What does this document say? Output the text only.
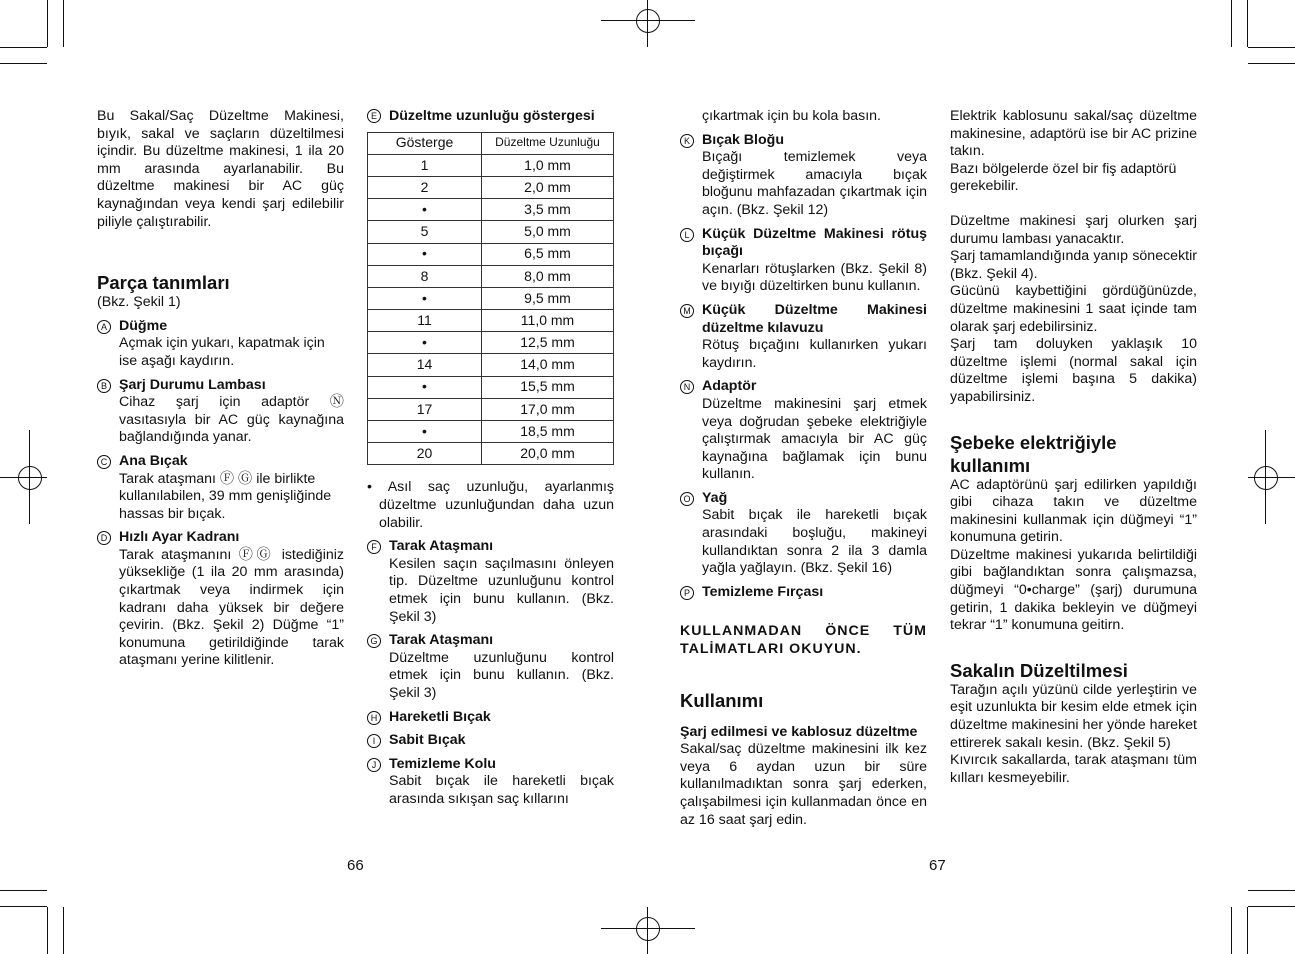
Bu Sakal/Saç Düzeltme Makinesi, bıyık, sakal ve saçların düzeltilmesi içindir. Bu düzeltme makinesi, 1 ila 20 mm arasında ayarlanabilir. Bu düzeltme makinesi bir AC güç kaynağından veya kendi şarj edilebilir piliyle çalıştırabilir.

Parça tanımları

(Bkz. Şekil 1)

A Düğme
Açmak için yukarı, kapatmak için ise aşağı kaydırın.
B Şarj Durumu Lambası
Cihaz şarj için adaptör Ⓝ vasıtasıyla bir AC güç kaynağına bağlandığında yanar.
C Ana Bıçak
Tarak ataşmanı Ⓕ Ⓖ ile birlikte kullanılabilen, 39 mm genişliğinde hassas bir bıçak.
D Hızlı Ayar Kadranı
Tarak ataşmanını ⒻⒼ istediğiniz yüksekliğe (1 ila 20 mm arasında) çıkartmak veya indirmek için kadranı daha yüksek bir değere çevirin. (Bkz. Şekil 2) Düğme “1” konumuna getirildiğinde tarak ataşmanı yerine kilitlenir.
E Düzeltme uzunluğu göstergesi
Gösterge	Düzeltme Uzunluğu
1	1,0 mm
2	2,0 mm
•	3,5 mm
5	5,0 mm
•	6,5 mm
8	8,0 mm
•	9,5 mm
11	11,0 mm
•	12,5 mm
14	14,0 mm
•	15,5 mm
17	17,0 mm
•	18,5 mm
20	20,0 mm

• Asıl saç uzunluğu, ayarlanmış düzeltme uzunluğundan daha uzun olabilir.

F Tarak Ataşmanı
Kesilen saçın saçılmasını önleyen tip. Düzeltme uzunluğunu kontrol etmek için bunu kullanın. (Bkz. Şekil 3)
G Tarak Ataşmanı
Düzeltme uzunluğunu kontrol etmek için bunu kullanın. (Bkz. Şekil 3)
H Hareketli Bıçak
I Sabit Bıçak
J Temizleme Kolu
Sabit bıçak ile hareketli bıçak arasında sıkışan saç kıllarını
66

çıkartmak için bu kola basın.

K Bıçak Bloğu
Bıçağı temizlemek veya değiştirmek amacıyla bıçak bloğunu mahfazadan çıkartmak için açın. (Bkz. Şekil 12)
L Küçük Düzeltme Makinesi rötuş bıçağı
Kenarları rötuşlarken (Bkz. Şekil 8) ve bıyığı düzeltirken bunu kullanın.
M Küçük Düzeltme Makinesi düzeltme kılavuzu
Rötuş bıçağını kullanırken yukarı kaydırın.
N Adaptör
Düzeltme makinesini şarj etmek veya doğrudan şebeke elektriğiyle çalıştırmak amacıyla bir AC güç kaynağına bağlamak için bunu kullanın.
O Yağ
Sabit bıçak ile hareketli bıçak arasındaki boşluğu, makineyi kullandıktan sonra 2 ila 3 damla yağla yağlayın. (Bkz. Şekil 16)
P Temizleme Fırçası

KULLANMADAN ÖNCE TÜM TALİMATLARI OKUYUN.

Kullanımı

Şarj edilmesi ve kablosuz düzeltme

Sakal/saç düzeltme makinesini ilk kez veya 6 aydan uzun bir süre kullanılmadıktan sonra şarj ederken, çalışabilmesi için kullanmadan önce en az 16 saat şarj edin.

67

Elektrik kablosunu sakal/saç düzeltme makinesine, adaptörü ise bir AC prizine takın.

Bazı bölgelerde özel bir fiş adaptörü gerekebilir.

Düzeltme makinesi şarj olurken şarj durumu lambası yanacaktır.

Şarj tamamlandığında yanıp sönecektir (Bkz. Şekil 4).

Gücünü kaybettiğini gördüğünüzde, düzeltme makinesini 1 saat içinde tam olarak şarj edebilirsiniz.

Şarj tam doluyken yaklaşık 10 düzeltme işlemi (normal sakal için düzeltme işlemi başına 5 dakika) yapabilirsiniz.

Şebeke elektriğiyle kullanımı

AC adaptörünü şarj edilirken yapıldığı gibi cihaza takın ve düzeltme makinesini kullanmak için düğmeyi “1” konumuna getirin.

Düzeltme makinesi yukarıda belirtildiği gibi bağlandıktan sonra çalışmazsa, düğmeyi “0•charge” (şarj) durumuna getirin, 1 dakika bekleyin ve düğmeyi tekrar “1” konumuna geitirn.

Sakalın Düzeltilmesi

Tarağın açılı yüzünü cilde yerleştirin ve eşit uzunlukta bir kesim elde etmek için düzeltme makinesini her yönde hareket ettirerek sakalı kesin. (Bkz. Şekil 5)

Kıvırcık sakallarda, tarak ataşmanı tüm kılları kesmeyebilir.
